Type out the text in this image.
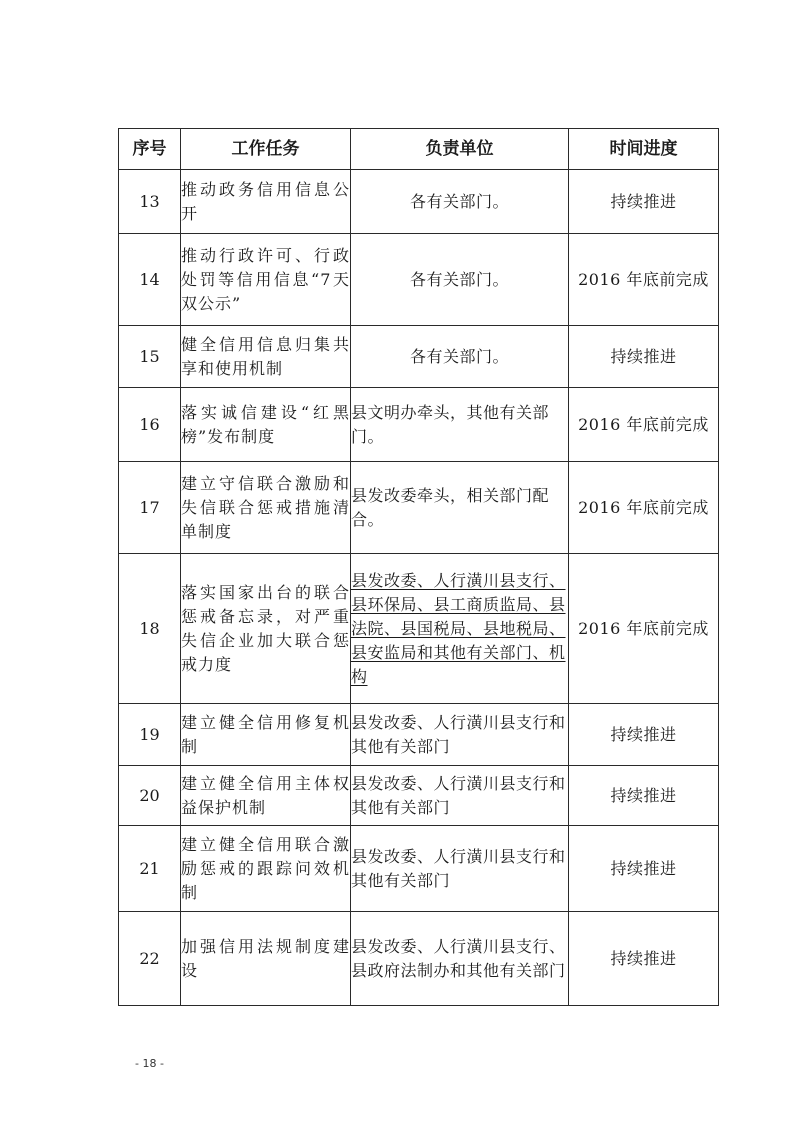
序号	工作任务	负责单位	时间进度
13	推动政务信用信息公开	各有关部门。	持续推进
14	推动行政许可、行政处罚等信用信息“7天双公示”	各有关部门。	2016 年底前完成
15	健全信用信息归集共享和使用机制	各有关部门。	持续推进
16	落实诚信建设“红黑榜”发布制度	县文明办牵头，其他有关部门。	2016 年底前完成
17	建立守信联合激励和失信联合惩戒措施清单制度	县发改委牵头，相关部门配合。	2016 年底前完成
18	落实国家出台的联合惩戒备忘录，对严重失信企业加大联合惩戒力度	县发改委、人行潢川县支行、县环保局、县工商质监局、县法院、县国税局、县地税局、县安监局和其他有关部门、机构	2016 年底前完成
19	建立健全信用修复机制	县发改委、人行潢川县支行和其他有关部门	持续推进
20	建立健全信用主体权益保护机制	县发改委、人行潢川县支行和其他有关部门	持续推进
21	建立健全信用联合激励惩戒的跟踪问效机制	县发改委、人行潢川县支行和其他有关部门	持续推进
22	加强信用法规制度建设	县发改委、人行潢川县支行、县政府法制办和其他有关部门	持续推进
- 18 -
